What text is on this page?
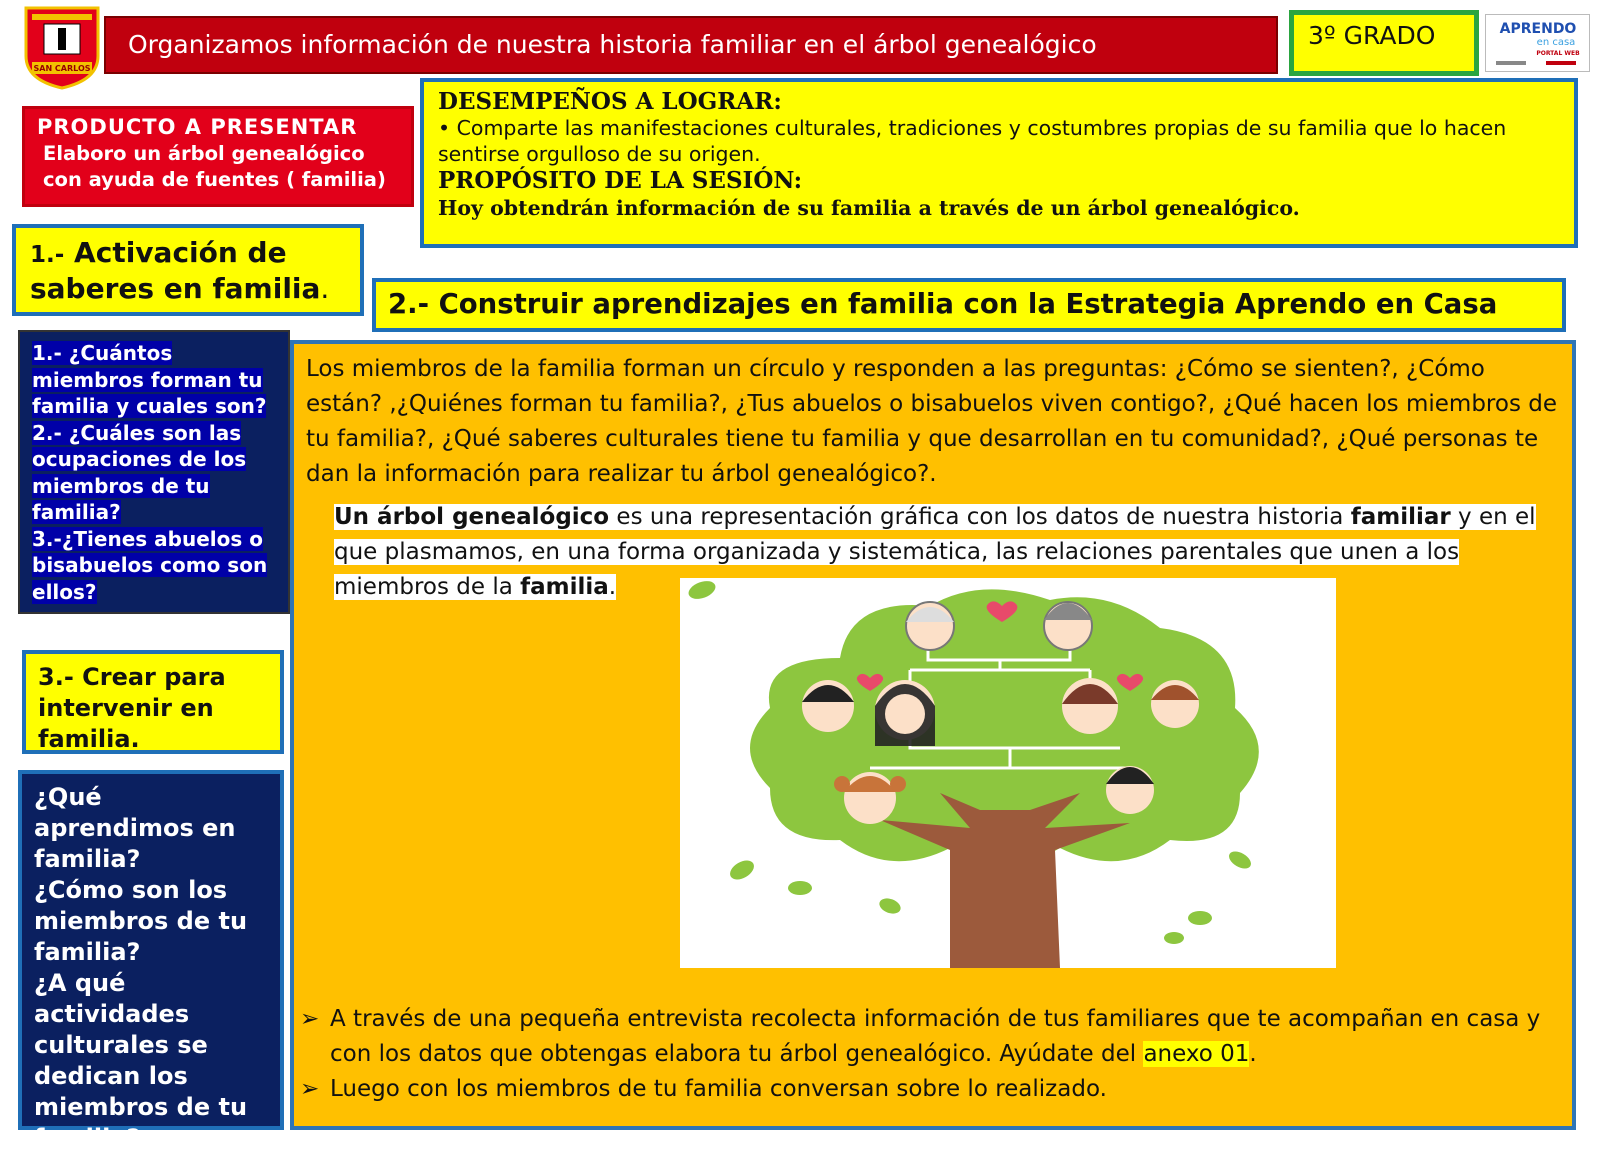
SAN CARLOS
Organizamos información de nuestra historia familiar en el árbol genealógico	3º GRADO	APRENDO
en casa
PORTAL WEB
PRODUCTO A PRESENTAR
Elaboro un árbol genealógico con ayuda de fuentes ( familia)
DESEMPEÑOS A LOGRAR:
• Comparte las manifestaciones culturales, tradiciones y costumbres propias de su familia que lo hacen sentirse orgulloso de su origen.
PROPÓSITO DE LA SESIÓN:
Hoy obtendrán información de su familia a través de un árbol genealógico.
1.- Activación de saberes en familia.	2.- Construir aprendizajes en familia con la Estrategia Aprendo en Casa
1.- ¿Cuántos miembros forman tu familia y cuales son?
2.- ¿Cuáles son las ocupaciones de los miembros de tu familia?
3.-¿Tienes abuelos o bisabuelos como son ellos?
Los miembros de la familia forman un círculo y responden a las preguntas: ¿Cómo se sienten?, ¿Cómo están? ,¿Quiénes forman tu familia?, ¿Tus abuelos o bisabuelos viven contigo?, ¿Qué hacen los miembros de tu familia?, ¿Qué saberes culturales tiene tu familia y que desarrollan en tu comunidad?, ¿Qué personas te dan la información para realizar tu árbol genealógico?.
Un árbol genealógico es una representación gráfica con los datos de nuestra historia familiar y en el que plasmamos, en una forma organizada y sistemática, las relaciones parentales que unen a los miembros de la familia.
➢ A través de una pequeña entrevista recolecta información de tus familiares que te acompañan en casa y con los datos que obtengas elabora tu árbol genealógico. Ayúdate del anexo 01.
➢ Luego con los miembros de tu familia conversan sobre lo realizado.
3.- Crear para intervenir en familia.
¿Qué aprendimos en familia?
¿Cómo son los miembros de tu familia?
¿A qué actividades culturales se dedican los miembros de tu familia?
